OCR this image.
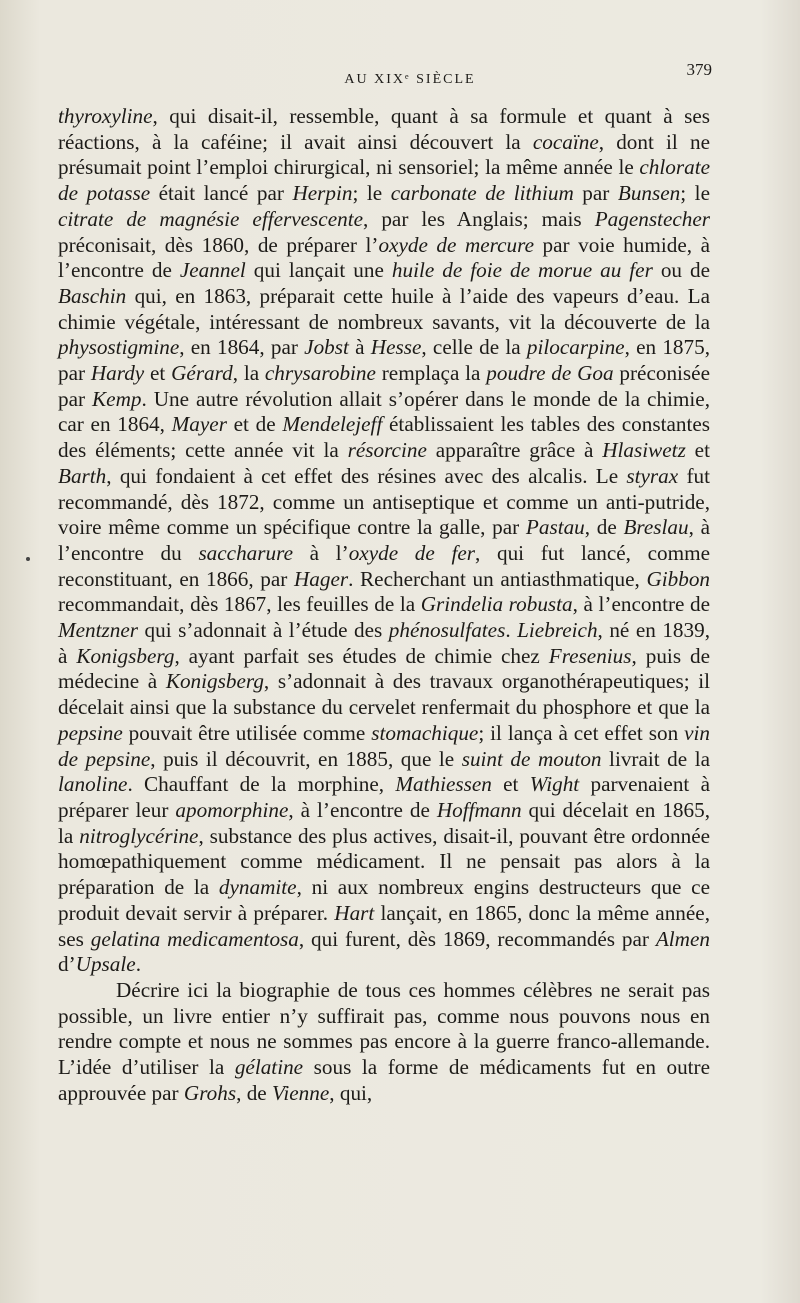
AU XIXᵉ SIÈCLE
379

thyroxyline, qui disait-il, ressemble, quant à sa formule et quant à ses réactions, à la caféine; il avait ainsi découvert la cocaïne, dont il ne présumait point l’emploi chirurgical, ni sensoriel; la même année le chlorate de potasse était lancé par Herpin; le carbonate de lithium par Bunsen; le citrate de magnésie effervescente, par les Anglais; mais Pagenstecher préconisait, dès 1860, de préparer l’oxyde de mercure par voie humide, à l’encontre de Jeannel qui lançait une huile de foie de morue au fer ou de Baschin qui, en 1863, préparait cette huile à l’aide des vapeurs d’eau. La chimie végétale, intéressant de nombreux savants, vit la découverte de la physostigmine, en 1864, par Jobst à Hesse, celle de la pilocarpine, en 1875, par Hardy et Gérard, la chrysarobine remplaça la poudre de Goa préconisée par Kemp. Une autre révolution allait s’opérer dans le monde de la chimie, car en 1864, Mayer et de Mendelejeff établissaient les tables des constantes des éléments; cette année vit la résorcine apparaître grâce à Hlasiwetz et Barth, qui fondaient à cet effet des résines avec des alcalis. Le styrax fut recommandé, dès 1872, comme un antiseptique et comme un anti-putride, voire même comme un spécifique contre la galle, par Pastau, de Breslau, à l’encontre du saccharure à l’oxyde de fer, qui fut lancé, comme reconstituant, en 1866, par Hager. Recherchant un antiasthmatique, Gibbon recommandait, dès 1867, les feuilles de la Grindelia robusta, à l’encontre de Mentzner qui s’adonnait à l’étude des phénosulfates. Liebreich, né en 1839, à Konigsberg, ayant parfait ses études de chimie chez Fresenius, puis de médecine à Konigsberg, s’adonnait à des travaux organothérapeutiques; il décelait ainsi que la substance du cervelet renfermait du phosphore et que la pepsine pouvait être utilisée comme stomachique; il lança à cet effet son vin de pepsine, puis il découvrit, en 1885, que le suint de mouton livrait de la lanoline. Chauffant de la morphine, Mathiessen et Wight parvenaient à préparer leur apomorphine, à l’encontre de Hoffmann qui décelait en 1865, la nitroglycérine, substance des plus actives, disait-il, pouvant être ordonnée homœpathiquement comme médicament. Il ne pensait pas alors à la préparation de la dynamite, ni aux nombreux engins destructeurs que ce produit devait servir à préparer. Hart lançait, en 1865, donc la même année, ses gelatina medicamentosa, qui furent, dès 1869, recommandés par Almen d’Upsale.

Décrire ici la biographie de tous ces hommes célèbres ne serait pas possible, un livre entier n’y suffirait pas, comme nous pouvons nous en rendre compte et nous ne sommes pas encore à la guerre franco-allemande. L’idée d’utiliser la gélatine sous la forme de médicaments fut en outre approuvée par Grohs, de Vienne, qui,
